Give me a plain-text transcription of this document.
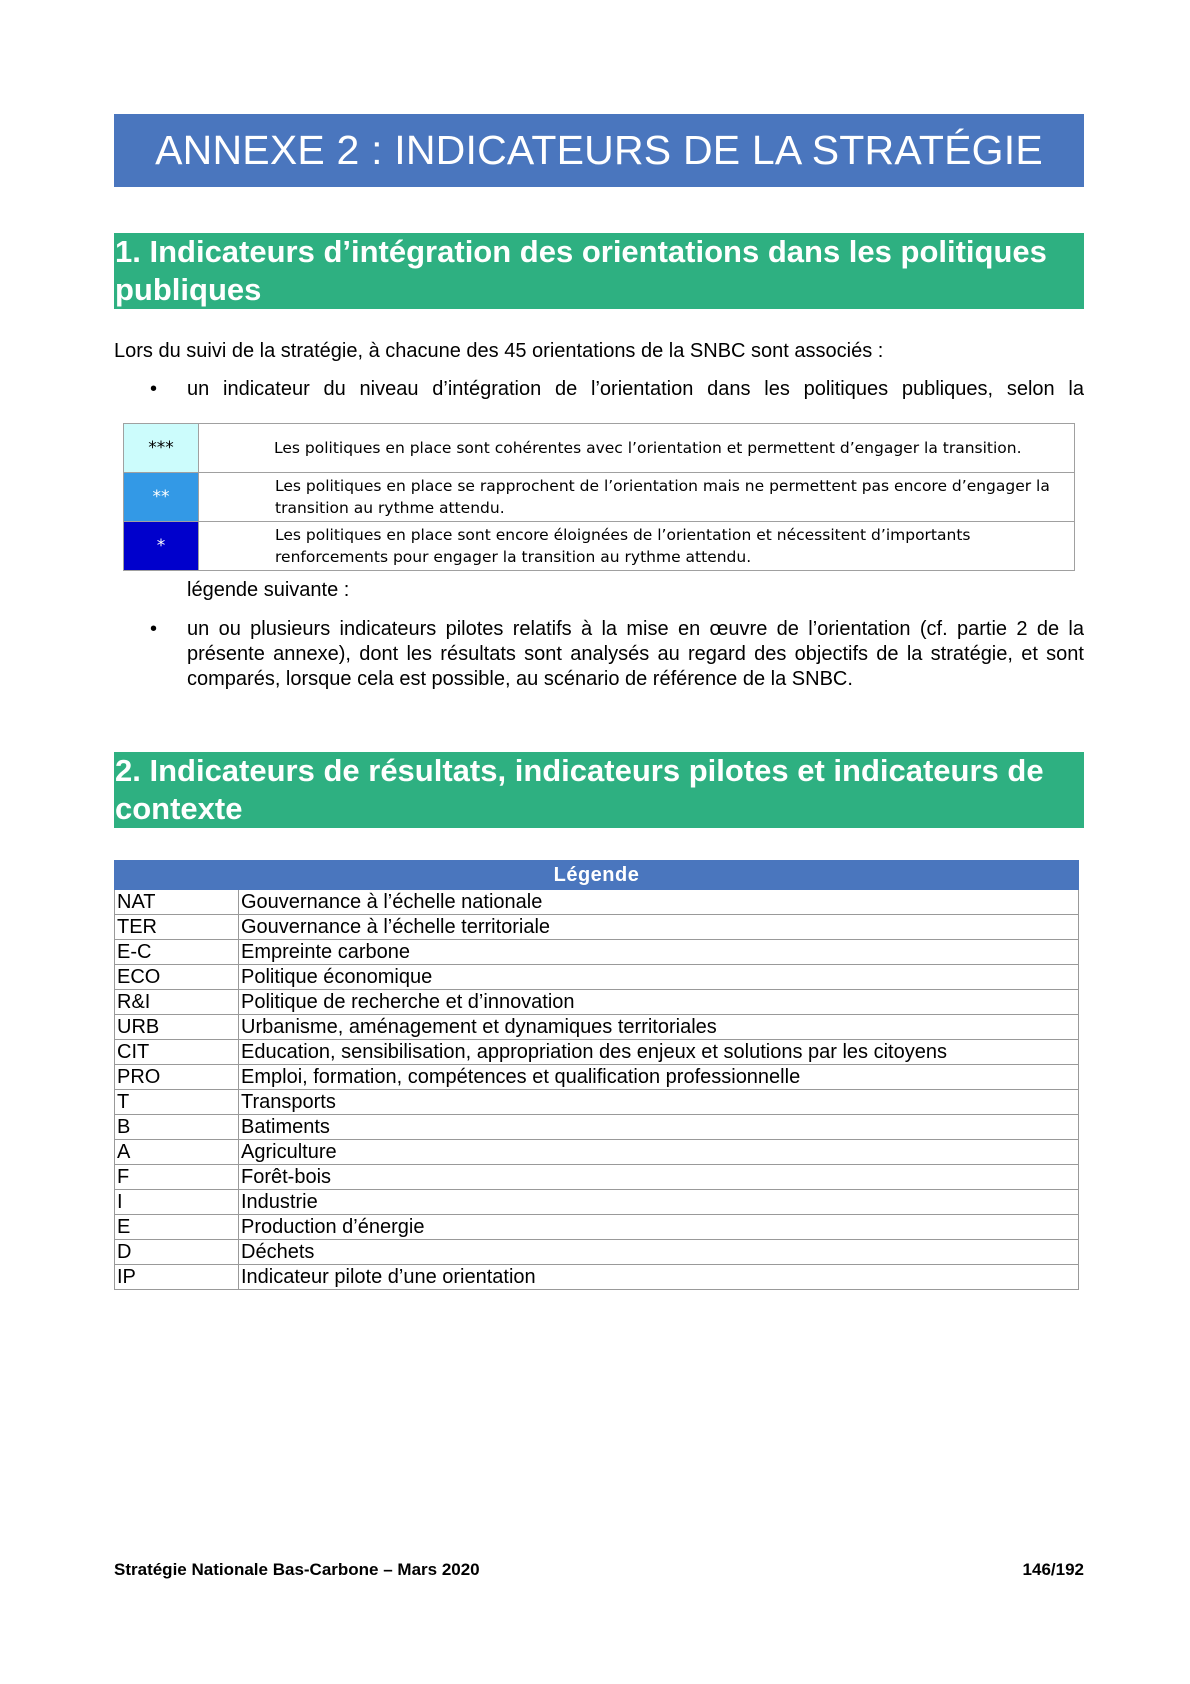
ANNEXE 2 : INDICATEURS DE LA STRATÉGIE
1. Indicateurs d’intégration des orientations dans les politiques publiques
Lors du suivi de la stratégie, à chacune des 45 orientations de la SNBC sont associés :
• un indicateur du niveau d’intégration de l’orientation dans les politiques publiques, selon la
***	Les politiques en place sont cohérentes avec l’orientation et permettent d’engager la transition.
**	Les politiques en place se rapprochent de l’orientation mais ne permettent pas encore d’engager la transition au rythme attendu.
*	Les politiques en place sont encore éloignées de l’orientation et nécessitent d’importants renforcements pour engager la transition au rythme attendu.
légende suivante :
• un ou plusieurs indicateurs pilotes relatifs à la mise en œuvre de l’orientation (cf. partie 2 de la présente annexe), dont les résultats sont analysés au regard des objectifs de la stratégie, et sont comparés, lorsque cela est possible, au scénario de référence de la SNBC.
2. Indicateurs de résultats, indicateurs pilotes et indicateurs de contexte
Légende	
NAT	Gouvernance à l’échelle nationale
TER	Gouvernance à l’échelle territoriale
E-C	Empreinte carbone
ECO	Politique économique
R&I	Politique de recherche et d’innovation
URB	Urbanisme, aménagement et dynamiques territoriales
CIT	Education, sensibilisation, appropriation des enjeux et solutions par les citoyens
PRO	Emploi, formation, compétences et qualification professionnelle
T	Transports
B	Batiments
A	Agriculture
F	Forêt-bois
I	Industrie
E	Production d’énergie
D	Déchets
IP	Indicateur pilote d’une orientation
Stratégie Nationale Bas-Carbone – Mars 2020	146/192
